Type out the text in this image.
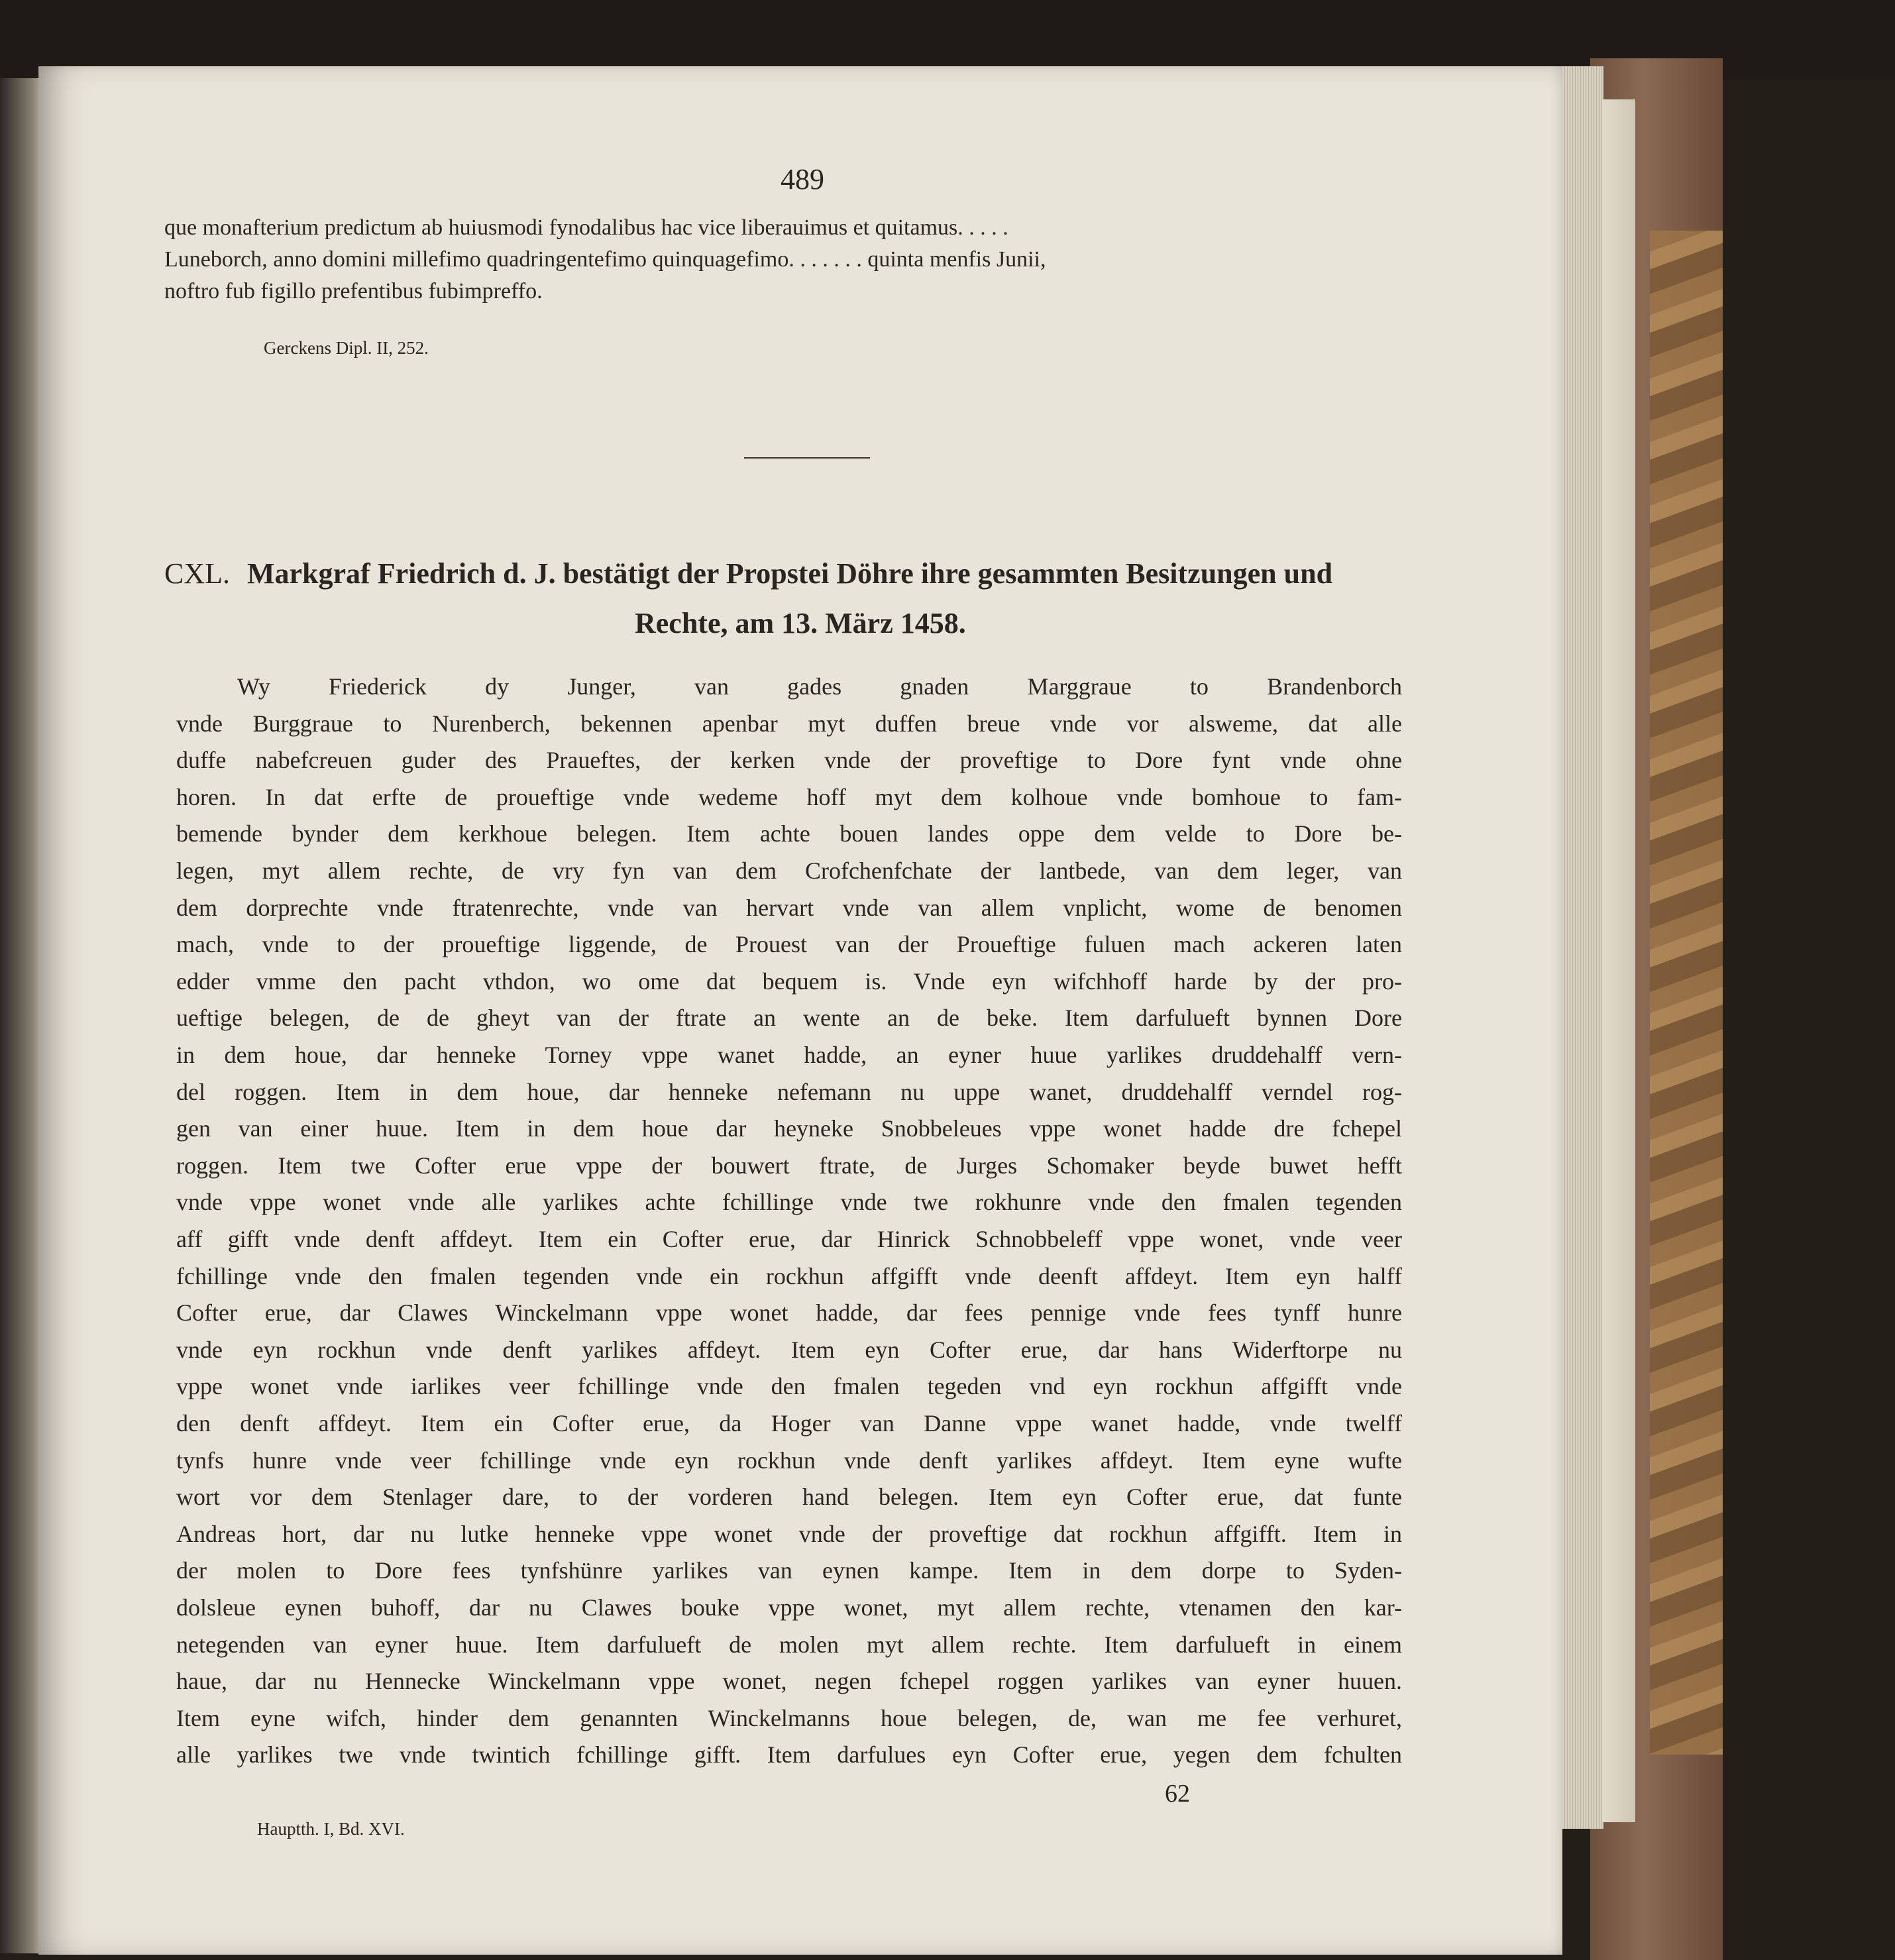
489
que monafterium predictum ab huiusmodi fynodalibus hac vice liberauimus et quitamus. . . . .
Luneborch, anno domini millefimo quadringentefimo quinquagefimo. . . . . . . quinta menfis Junii,
noftro fub figillo prefentibus fubimpreffo.
Gerckens Dipl. II, 252.
CXL. Markgraf Friedrich d. J. bestätigt der Propstei Döhre ihre gesammten Besitzungen und
Rechte, am 13. März 1458.
Wy Friederick dy Junger, van gades gnaden Marggraue to Brandenborch
vnde Burggraue to Nurenberch, bekennen apenbar myt duffen breue vnde vor alsweme, dat alle
duffe nabefcreuen guder des Praueftes, der kerken vnde der proveftige to Dore fynt vnde ohne
horen. In dat erfte de proueftige vnde wedeme hoff myt dem kolhoue vnde bomhoue to fam-
bemende bynder dem kerkhoue belegen. Item achte bouen landes oppe dem velde to Dore be-
legen, myt allem rechte, de vry fyn van dem Crofchenfchate der lantbede, van dem leger, van
dem dorprechte vnde ftratenrechte, vnde van hervart vnde van allem vnplicht, wome de benomen
mach, vnde to der proueftige liggende, de Prouest van der Proueftige fuluen mach ackeren laten
edder vmme den pacht vthdon, wo ome dat bequem is. Vnde eyn wifchhoff harde by der pro-
ueftige belegen, de de gheyt van der ftrate an wente an de beke. Item darfulueft bynnen Dore
in dem houe, dar henneke Torney vppe wanet hadde, an eyner huue yarlikes druddehalff vern-
del roggen. Item in dem houe, dar henneke nefemann nu uppe wanet, druddehalff verndel rog-
gen van einer huue. Item in dem houe dar heyneke Snobbeleues vppe wonet hadde dre fchepel
roggen. Item twe Cofter erue vppe der bouwert ftrate, de Jurges Schomaker beyde buwet hefft
vnde vppe wonet vnde alle yarlikes achte fchillinge vnde twe rokhunre vnde den fmalen tegenden
aff gifft vnde denft affdeyt. Item ein Cofter erue, dar Hinrick Schnobbeleff vppe wonet, vnde veer
fchillinge vnde den fmalen tegenden vnde ein rockhun affgifft vnde deenft affdeyt. Item eyn halff
Cofter erue, dar Clawes Winckelmann vppe wonet hadde, dar fees pennige vnde fees tynff hunre
vnde eyn rockhun vnde denft yarlikes affdeyt. Item eyn Cofter erue, dar hans Widerftorpe nu
vppe wonet vnde iarlikes veer fchillinge vnde den fmalen tegeden vnd eyn rockhun affgifft vnde
den denft affdeyt. Item ein Cofter erue, da Hoger van Danne vppe wanet hadde, vnde twelff
tynfs hunre vnde veer fchillinge vnde eyn rockhun vnde denft yarlikes affdeyt. Item eyne wufte
wort vor dem Stenlager dare, to der vorderen hand belegen. Item eyn Cofter erue, dat funte
Andreas hort, dar nu lutke henneke vppe wonet vnde der proveftige dat rockhun affgifft. Item in
der molen to Dore fees tynfshünre yarlikes van eynen kampe. Item in dem dorpe to Syden-
dolsleue eynen buhoff, dar nu Clawes bouke vppe wonet, myt allem rechte, vtenamen den kar-
netegenden van eyner huue. Item darfulueft de molen myt allem rechte. Item darfulueft in einem
haue, dar nu Hennecke Winckelmann vppe wonet, negen fchepel roggen yarlikes van eyner huuen.
Item eyne wifch, hinder dem genannten Winckelmanns houe belegen, de, wan me fee verhuret,
alle yarlikes twe vnde twintich fchillinge gifft. Item darfulues eyn Cofter erue, yegen dem fchulten
62
Hauptth. I, Bd. XVI.
